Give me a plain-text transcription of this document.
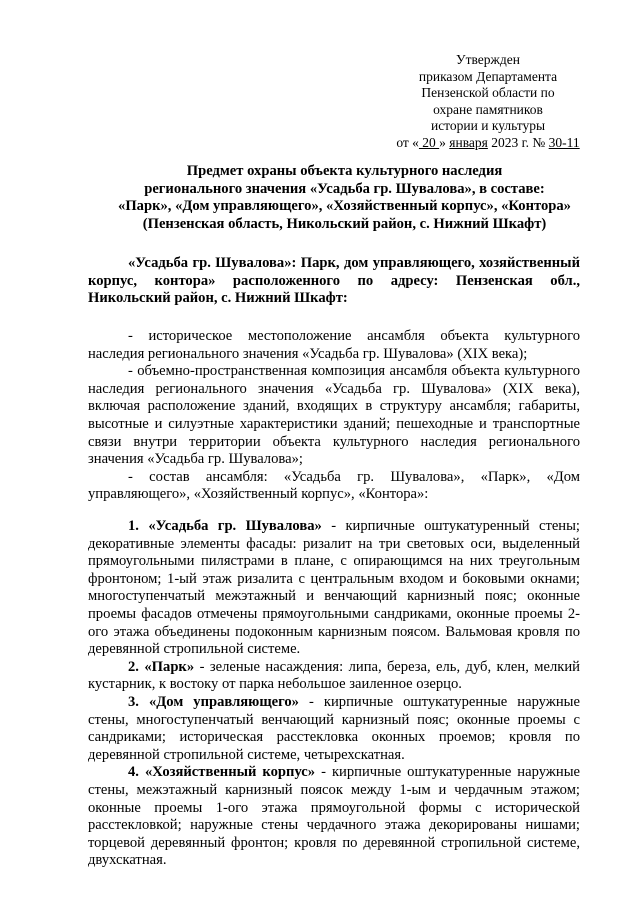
Утвержден
приказом Департамента
Пензенской области по
охране памятников
истории и культуры
от « 20 » января 2023 г. № 30-11
Предмет охраны объекта культурного наследия
регионального значения «Усадьба гр. Шувалова», в составе:
«Парк», «Дом управляющего», «Хозяйственный корпус», «Контора»
(Пензенская область, Никольский район, с. Нижний Шкафт)

«Усадьба гр. Шувалова»: Парк, дом управляющего, хозяйственный корпус, контора» расположенного по адресу: Пензенская обл., Никольский район, с. Нижний Шкафт:

- историческое местоположение ансамбля объекта культурного наследия регионального значения «Усадьба гр. Шувалова» (XIX века);

- объемно-пространственная композиция ансамбля объекта культурного наследия регионального значения «Усадьба гр. Шувалова» (XIX века), включая расположение зданий, входящих в структуру ансамбля; габариты, высотные и силуэтные характеристики зданий; пешеходные и транспортные связи внутри территории объекта культурного наследия регионального значения «Усадьба гр. Шувалова»;

- состав ансамбля: «Усадьба гр. Шувалова», «Парк», «Дом управляющего», «Хозяйственный корпус», «Контора»:

1. «Усадьба гр. Шувалова» - кирпичные оштукатуренный стены; декоративные элементы фасады: ризалит на три световых оси, выделенный прямоугольными пилястрами в плане, с опирающимся на них треугольным фронтоном; 1-ый этаж ризалита с центральным входом и боковыми окнами; многоступенчатый межэтажный и венчающий карнизный пояс; оконные проемы фасадов отмечены прямоугольными сандриками, оконные проемы 2-ого этажа объединены подоконным карнизным поясом. Вальмовая кровля по деревянной стропильной системе.

2. «Парк» - зеленые насаждения: липа, береза, ель, дуб, клен, мелкий кустарник, к востоку от парка небольшое заиленное озерцо.

3. «Дом управляющего» - кирпичные оштукатуренные наружные стены, многоступенчатый венчающий карнизный пояс; оконные проемы с сандриками; историческая расстекловка оконных проемов; кровля по деревянной стропильной системе, четырехскатная.

4. «Хозяйственный корпус» - кирпичные оштукатуренные наружные стены, межэтажный карнизный поясок между 1-ым и чердачным этажом; оконные проемы 1-ого этажа прямоугольной формы с исторической расстекловкой; наружные стены чердачного этажа декорированы нишами; торцевой деревянный фронтон; кровля по деревянной стропильной системе, двухскатная.
